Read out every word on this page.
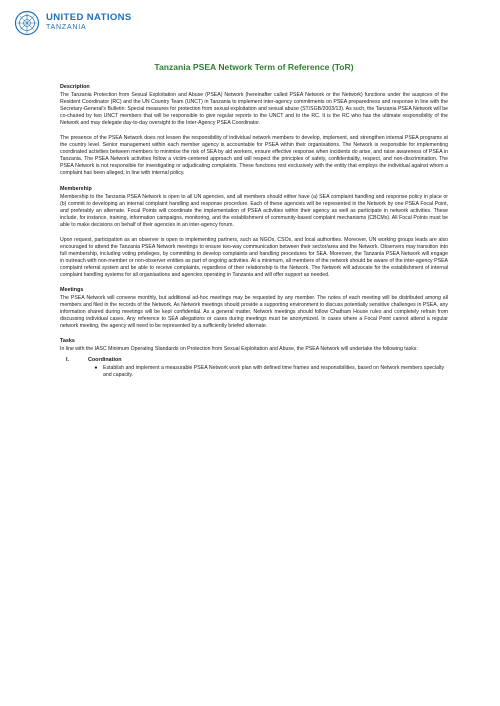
UNITED NATIONS
TANZANIA
Tanzania PSEA Network Term of Reference (ToR)
Description

The Tanzania Protection from Sexual Exploitation and Abuse (PSEA) Network (hereinafter called PSEA Network or the Network) functions under the auspices of the Resident Coordinator (RC) and the UN Country Team (UNCT) in Tanzania to implement inter-agency commitments on PSEA preparedness and response in line with the Secretary-General's Bulletin: Special measures for protection from sexual exploitation and sexual abuse (ST/SGB/2003/13). As such, the Tanzania PSEA Network will be co-chaired by two UNCT members that will be responsible to give regular reports to the UNCT and to the RC. It is the RC who has the ultimate responsibility of the Network and may delegate day-to-day oversight to the Inter-Agency PSEA Coordinator.

The presence of the PSEA Network does not lessen the responsibility of individual network members to develop, implement, and strengthen internal PSEA programs at the country level. Senior management within each member agency is accountable for PSEA within their organisations. The Network is responsible for implementing coordinated activities between members to minimise the risk of SEA by aid workers, ensure effective response when incidents do arise, and raise awareness of PSEA in Tanzania. The PSEA Network activities follow a victim-centered approach and will respect the principles of safety, confidentiality, respect, and non-discrimination. The PSEA Network is not responsible for investigating or adjudicating complaints. These functions rest exclusively with the entity that employs the individual against whom a complaint has been alleged, in line with internal policy.

Membership

Membership to the Tanzania PSEA Network is open to all UN agencies, and all members should either have (a) SEA complaint handling and response policy in place or (b) commit to developing an internal complaint handling and response procedure. Each of these agencies will be represented in the Network by one PSEA Focal Point, and preferably an alternate. Focal Points will coordinate the implementation of PSEA activities within their agency as well as participate in network activities. These include, for instance, training, information campaigns, monitoring, and the establishment of community-based complaint mechanisms (CBCMs). All Focal Points must be able to make decisions on behalf of their agencies in an inter-agency forum.

Upon request, participation as an observer is open to implementing partners, such as NGOs, CSOs, and local authorities. Moreover, UN working groups leads are also encouraged to attend the Tanzania PSEA Network meetings to ensure two-way communication between their sector/area and the Network. Observers may transition into full membership, including voting privileges, by committing to develop complaints and handling procedures for SEA. Moreover, the Tanzania PSEA Network will engage in outreach with non-member or non-observer entities as part of ongoing activities. At a minimum, all members of the network should be aware of the inter-agency PSEA complaint referral system and be able to receive complaints, regardless of their relationship to the Network. The Network will advocate for the establishment of internal complaint handling systems for all organisations and agencies operating in Tanzania and will offer support as needed.

Meetings

The PSEA Network will convene monthly, but additional ad-hoc meetings may be requested by any member. The notes of each meeting will be distributed among all members and filed in the records of the Network. As Network meetings should provide a supporting environment to discuss potentially sensitive challenges in PSEA, any information shared during meetings will be kept confidential. As a general matter, Network meetings should follow Chatham House rules and completely refrain from discussing individual cases. Any reference to SEA allegations or cases during meetings must be anonymized. In cases where a Focal Point cannot attend a regular network meeting, the agency will need to be represented by a sufficiently briefed alternate.

Tasks

In line with the IASC Minimum Operating Standards on Protection from Sexual Exploitation and Abuse, the PSEA Network will undertake the following tasks:

I.	Coordination
●	Establish and implement a measurable PSEA Network work plan with defined time frames and responsibilities, based on Network members specialty and capacity.
